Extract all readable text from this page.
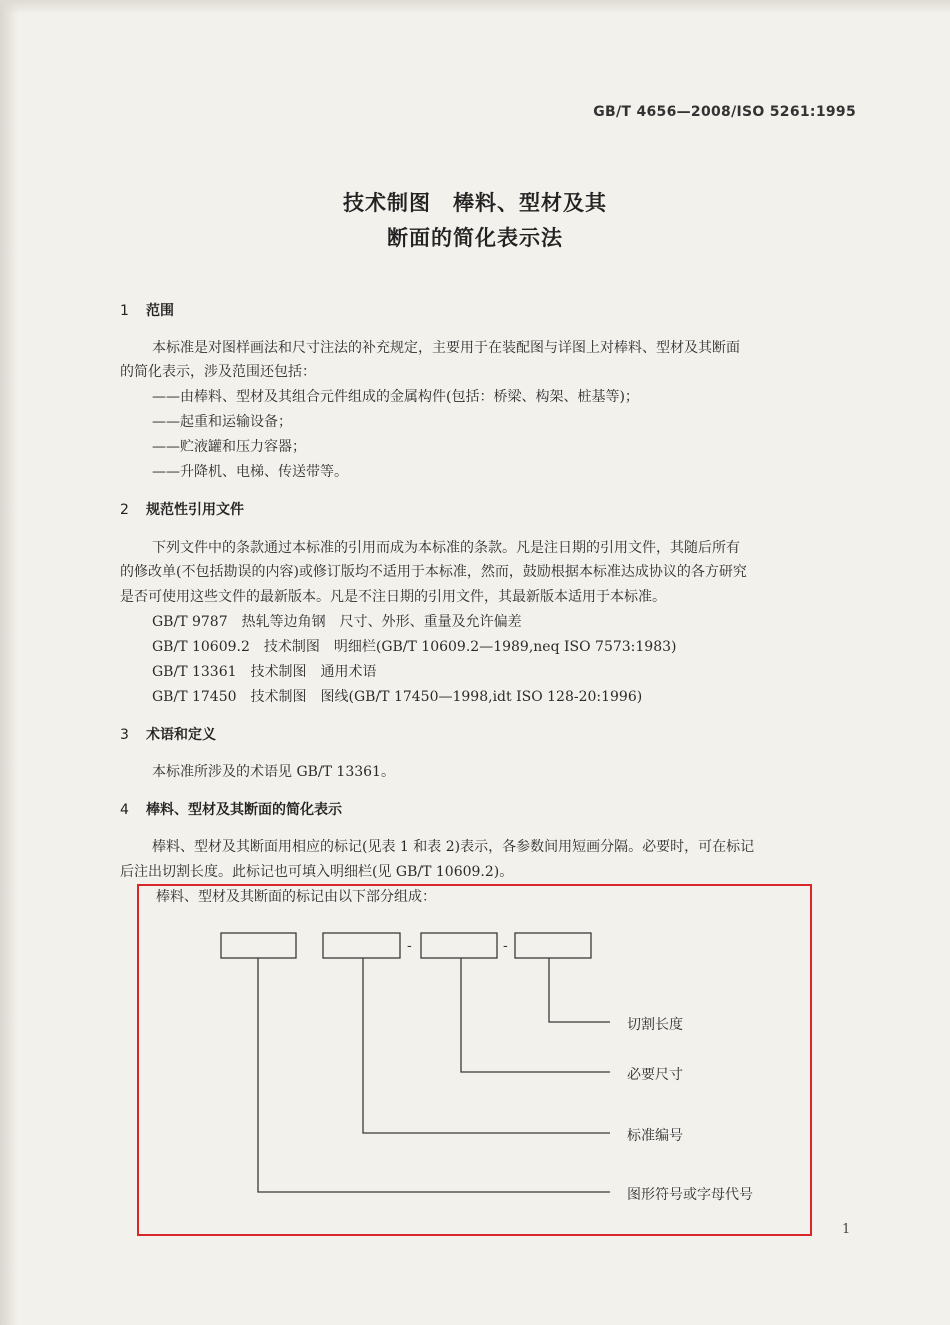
GB/T 4656—2008/ISO 5261:1995
技术制图　棒料、型材及其
断面的简化表示法
1 范围
本标准是对图样画法和尺寸注法的补充规定，主要用于在装配图与详图上对棒料、型材及其断面
的简化表示，涉及范围还包括：
——由棒料、型材及其组合元件组成的金属构件(包括：桥梁、构架、桩基等)；
——起重和运输设备；
——贮液罐和压力容器；
——升降机、电梯、传送带等。
2 规范性引用文件
下列文件中的条款通过本标准的引用而成为本标准的条款。凡是注日期的引用文件，其随后所有
的修改单(不包括勘误的内容)或修订版均不适用于本标准，然而，鼓励根据本标准达成协议的各方研究
是否可使用这些文件的最新版本。凡是不注日期的引用文件，其最新版本适用于本标准。
GB/T 9787　热轧等边角钢　尺寸、外形、重量及允许偏差
GB/T 10609.2　技术制图　明细栏(GB/T 10609.2—1989,neq ISO 7573:1983)
GB/T 13361　技术制图　通用术语
GB/T 17450　技术制图　图线(GB/T 17450—1998,idt ISO 128-20:1996)
3 术语和定义
本标准所涉及的术语见 GB/T 13361。
4 棒料、型材及其断面的简化表示
棒料、型材及其断面用相应的标记(见表 1 和表 2)表示，各参数间用短画分隔。必要时，可在标记
后注出切割长度。此标记也可填入明细栏(见 GB/T 10609.2)。
棒料、型材及其断面的标记由以下部分组成：
-	-
切割长度
必要尺寸
标准编号
图形符号或字母代号
1
